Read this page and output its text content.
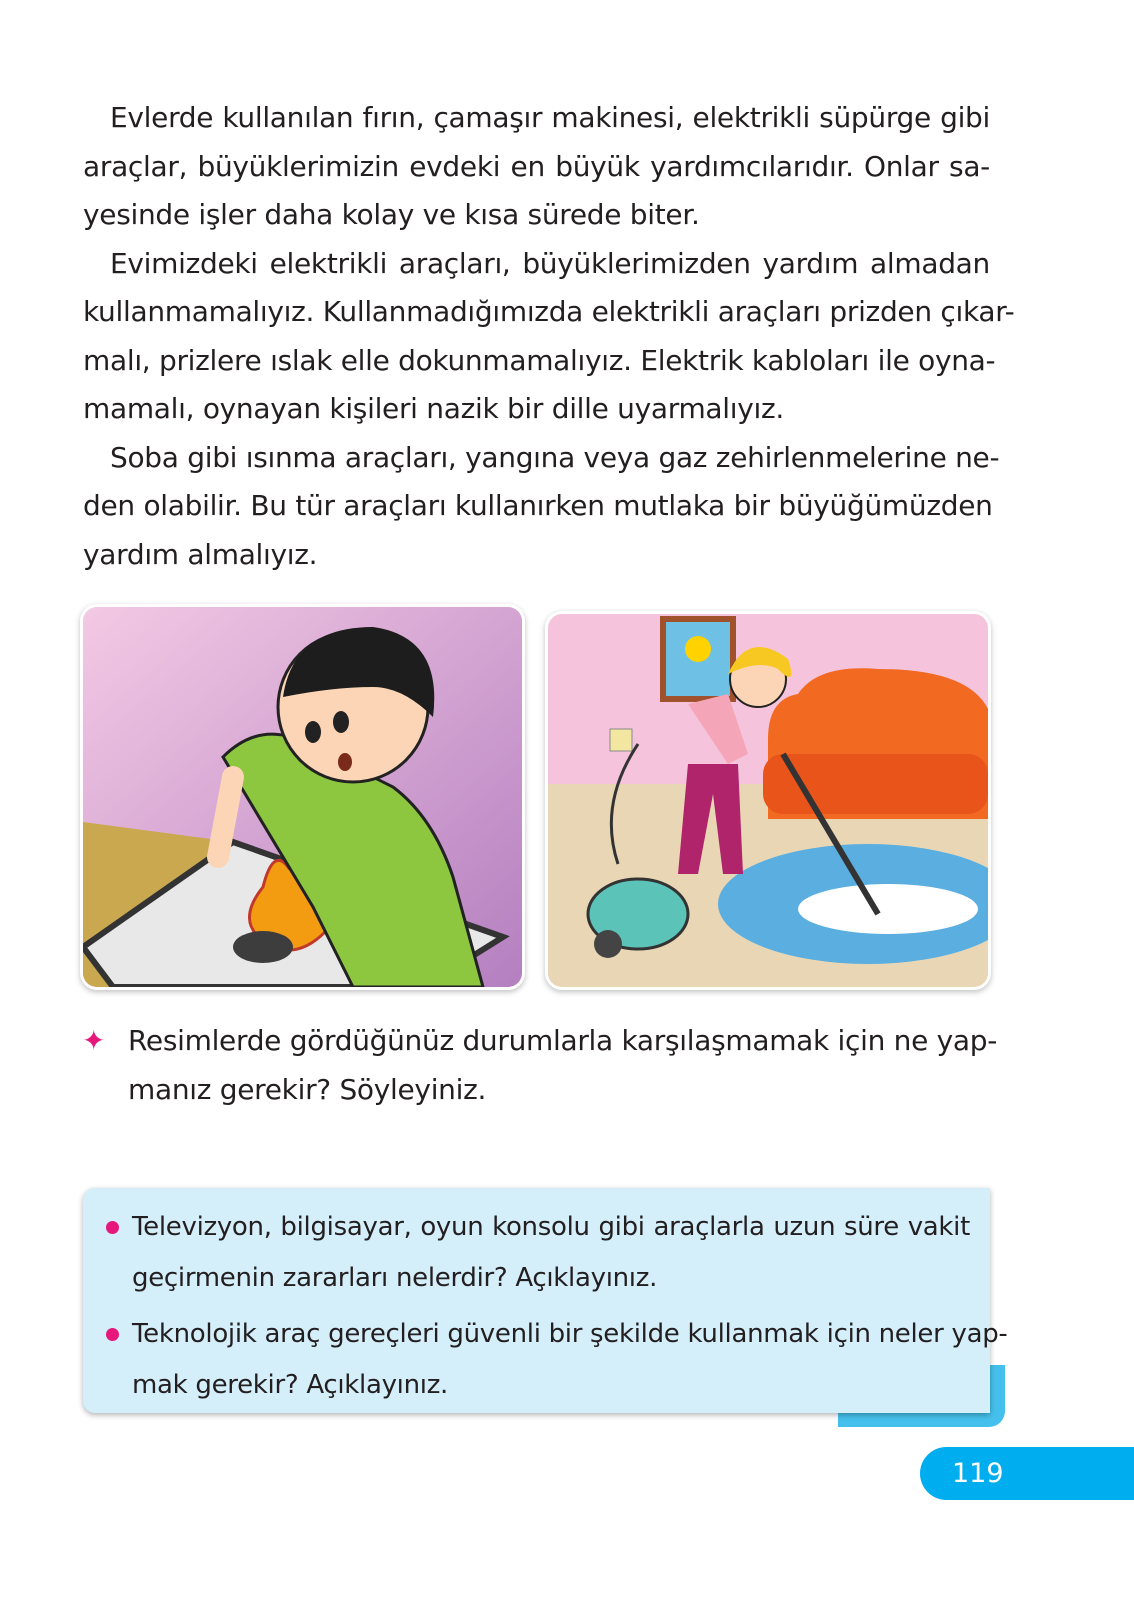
Evlerde kullanılan fırın, çamaşır makinesi, elektrikli süpürge gibi
araçlar, büyüklerimizin evdeki en büyük yardımcılarıdır. Onlar sa-
yesinde işler daha kolay ve kısa sürede biter.
Evimizdeki elektrikli araçları, büyüklerimizden yardım almadan
kullanmamalıyız. Kullanmadığımızda elektrikli araçları prizden çıkar-
malı, prizlere ıslak elle dokunmamalıyız. Elektrik kabloları ile oyna-
mamalı, oynayan kişileri nazik bir dille uyarmalıyız.
Soba gibi ısınma araçları, yangına veya gaz zehirlenmelerine ne-
den olabilir. Bu tür araçları kullanırken mutlaka bir büyüğümüzden
yardım almalıyız.
✦ Resimlerde gördüğünüz durumlarla karşılaşmamak için ne yap-
manız gerekir? Söyleyiniz.
Televizyon, bilgisayar, oyun konsolu gibi araçlarla uzun süre vakit
geçirmenin zararları nelerdir? Açıklayınız.
Teknolojik araç gereçleri güvenli bir şekilde kullanmak için neler yap-
mak gerekir? Açıklayınız.
119
